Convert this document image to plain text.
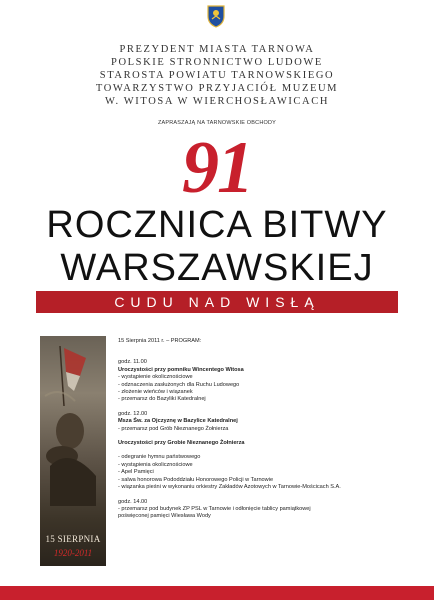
PREZYDENT MIASTA TARNOWA
POLSKIE STRONNICTWO LUDOWE
STAROSTA POWIATU TARNOWSKIEGO
TOWARZYSTWO PRZYJACIÓŁ MUZEUM
W. WITOSA W WIERCHOSŁAWICACH
ZAPRASZAJĄ NA TARNOWSKIE OBCHODY
91
ROCZNICA BITWY
WARSZAWSKIEJ
CUDU NAD WISŁĄ
15 SIERPNIA
1920-2011
15 Sierpnia 2011 r. – PROGRAM:
godz. 11.00
Uroczystości przy pomniku Wincentego Witosa
- wystąpienie okolicznościowe
- odznaczenia zasłużonych dla Ruchu Ludowego
- złożenie wieńców i wiązanek
- przemarsz do Bazyliki Katedralnej
godz. 12.00
Msza Św. za Ojczyznę w Bazylice Katedralnej
- przemarsz pod Grób Nieznanego Żołnierza
Uroczystości przy Grobie Nieznanego Żołnierza
- odegranie hymnu państwowego
- wystąpienia okolicznościowe
- Apel Pamięci
- salwa honorowa Pododdziału Honorowego Policji w Tarnowie
- wiązanka pieśni w wykonaniu orkiestry Zakładów Azotowych w Tarnowie-Mościcach S.A.
godz. 14.00
- przemarsz pod budynek ZP PSL w Tarnowie i odłonięcie tablicy pamiątkowej
poświęconej pamięci Wiesława Wody
